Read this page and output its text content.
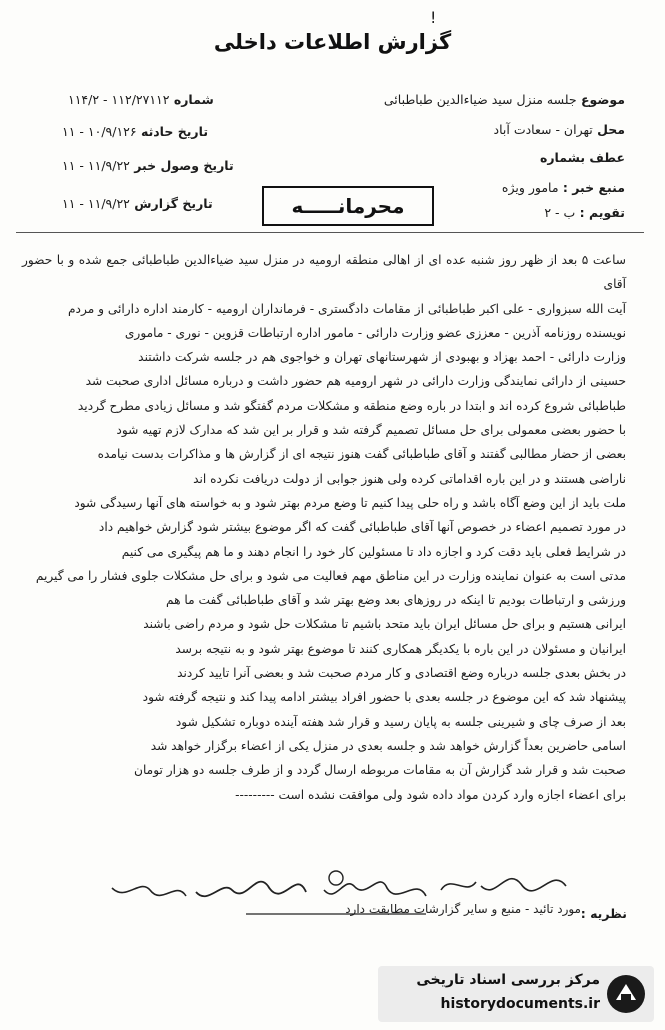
!
گزارش اطلاعات داخلی
موضوع جلسه منزل سید ضیاءالدین طباطبائی
محل تهران - سعادت آباد
عطف بشماره
منبع خبر : مامور ویژه
تقویم : ب - ۲
شماره ۱۱۲/۲۷۱۱۲ - ۱۱۴/۲
تاریخ حادثه ۱۰/۹/۱۲۶ - ۱۱
تاریخ وصول خبر ۱۱/۹/۲۲ - ۱۱
تاریخ گزارش ۱۱/۹/۲۲ - ۱۱	محرمانـــــه

ساعت ۵ بعد از ظهر روز شنبه عده ای از اهالی منطقه ارومیه در منزل سید ضیاءالدین طباطبائی جمع شده و با حضور آقای

آیت الله سبزواری - علی اکبر طباطبائی از مقامات دادگستری - فرمانداران ارومیه - کارمند اداره دارائی و مردم

نویسنده روزنامه آذرین - معززی عضو وزارت دارائی - مامور اداره ارتباطات قزوین - نوری - ماموری

وزارت دارائی - احمد بهزاد و بهبودی از شهرستانهای تهران و خواجوی هم در جلسه شرکت داشتند

حسینی از دارائی نمایندگی وزارت دارائی در شهر ارومیه هم حضور داشت و درباره مسائل اداری صحبت شد

طباطبائی شروع کرده اند و ابتدا در باره وضع منطقه و مشکلات مردم گفتگو شد و مسائل زیادی مطرح گردید

با حضور بعضی معمولی برای حل مسائل تصمیم گرفته شد و قرار بر این شد که مدارک لازم تهیه شود

بعضی از حضار مطالبی گفتند و آقای طباطبائی گفت هنوز نتیجه ای از گزارش ها و مذاکرات بدست نیامده

ناراضی هستند و در این باره اقداماتی کرده ولی هنوز جوابی از دولت دریافت نکرده اند

ملت باید از این وضع آگاه باشد و راه حلی پیدا کنیم تا وضع مردم بهتر شود و به خواسته های آنها رسیدگی شود

در مورد تصمیم اعضاء در خصوص آنها آقای طباطبائی گفت که اگر موضوع بیشتر شود گزارش خواهیم داد

در شرایط فعلی باید دقت کرد و اجازه داد تا مسئولین کار خود را انجام دهند و ما هم پیگیری می کنیم

مدتی است به عنوان نماینده وزارت در این مناطق مهم فعالیت می شود و برای حل مشکلات جلوی فشار را می گیریم

ورزشی و ارتباطات بودیم تا اینکه در روزهای بعد وضع بهتر شد و آقای طباطبائی گفت ما هم

ایرانی هستیم و برای حل مسائل ایران باید متحد باشیم تا مشکلات حل شود و مردم راضی باشند

ایرانیان و مسئولان در این باره با یکدیگر همکاری کنند تا موضوع بهتر شود و به نتیجه برسد

در بخش بعدی جلسه درباره وضع اقتصادی و کار مردم صحبت شد و بعضی آنرا تایید کردند

پیشنهاد شد که این موضوع در جلسه بعدی با حضور افراد بیشتر ادامه پیدا کند و نتیجه گرفته شود

بعد از صرف چای و شیرینی جلسه به پایان رسید و قرار شد هفته آینده دوباره تشکیل شود

اسامی حاضرین بعداً گزارش خواهد شد و جلسه بعدی در منزل یکی از اعضاء برگزار خواهد شد

صحبت شد و قرار شد گزارش آن به مقامات مربوطه ارسال گردد و از طرف جلسه دو هزار تومان

برای اعضاء اجازه وارد کردن مواد داده شود ولی موافقت نشده است ---------

نظریه :
مورد تائید - منبع و سایر گزارشات مطابقت دارد
مرکز بررسی اسناد تاریخی
historydocuments.ir
